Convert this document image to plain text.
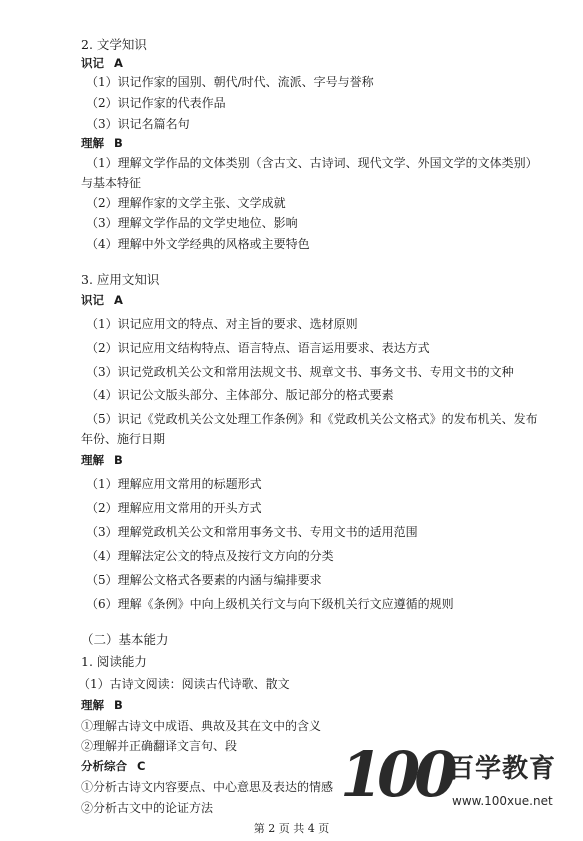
2. 文学知识
识记 A
（1）识记作家的国别、朝代/时代、流派、字号与誉称
（2）识记作家的代表作品
（3）识记名篇名句
理解 B
（1）理解文学作品的文体类别（含古文、古诗词、现代文学、外国文学的文体类别）
与基本特征
（2）理解作家的文学主张、文学成就
（3）理解文学作品的文学史地位、影响
（4）理解中外文学经典的风格或主要特色
3. 应用文知识
识记 A
（1）识记应用文的特点、对主旨的要求、选材原则
（2）识记应用文结构特点、语言特点、语言运用要求、表达方式
（3）识记党政机关公文和常用法规文书、规章文书、事务文书、专用文书的文种
（4）识记公文版头部分、主体部分、版记部分的格式要素
（5）识记《党政机关公文处理工作条例》和《党政机关公文格式》的发布机关、发布
年份、施行日期
理解 B
（1）理解应用文常用的标题形式
（2）理解应用文常用的开头方式
（3）理解党政机关公文和常用事务文书、专用文书的适用范围
（4）理解法定公文的特点及按行文方向的分类
（5）理解公文格式各要素的内涵与编排要求
（6）理解《条例》中向上级机关行文与向下级机关行文应遵循的规则
（二）基本能力
1. 阅读能力
（1）古诗文阅读：阅读古代诗歌、散文
理解 B
①理解古诗文中成语、典故及其在文中的含义
②理解并正确翻译文言句、段
分析综合 C
①分析古诗文内容要点、中心意思及表达的情感
②分析古文中的论证方法
第 2 页 共 4 页
100
百学教育
www.100xue.net
